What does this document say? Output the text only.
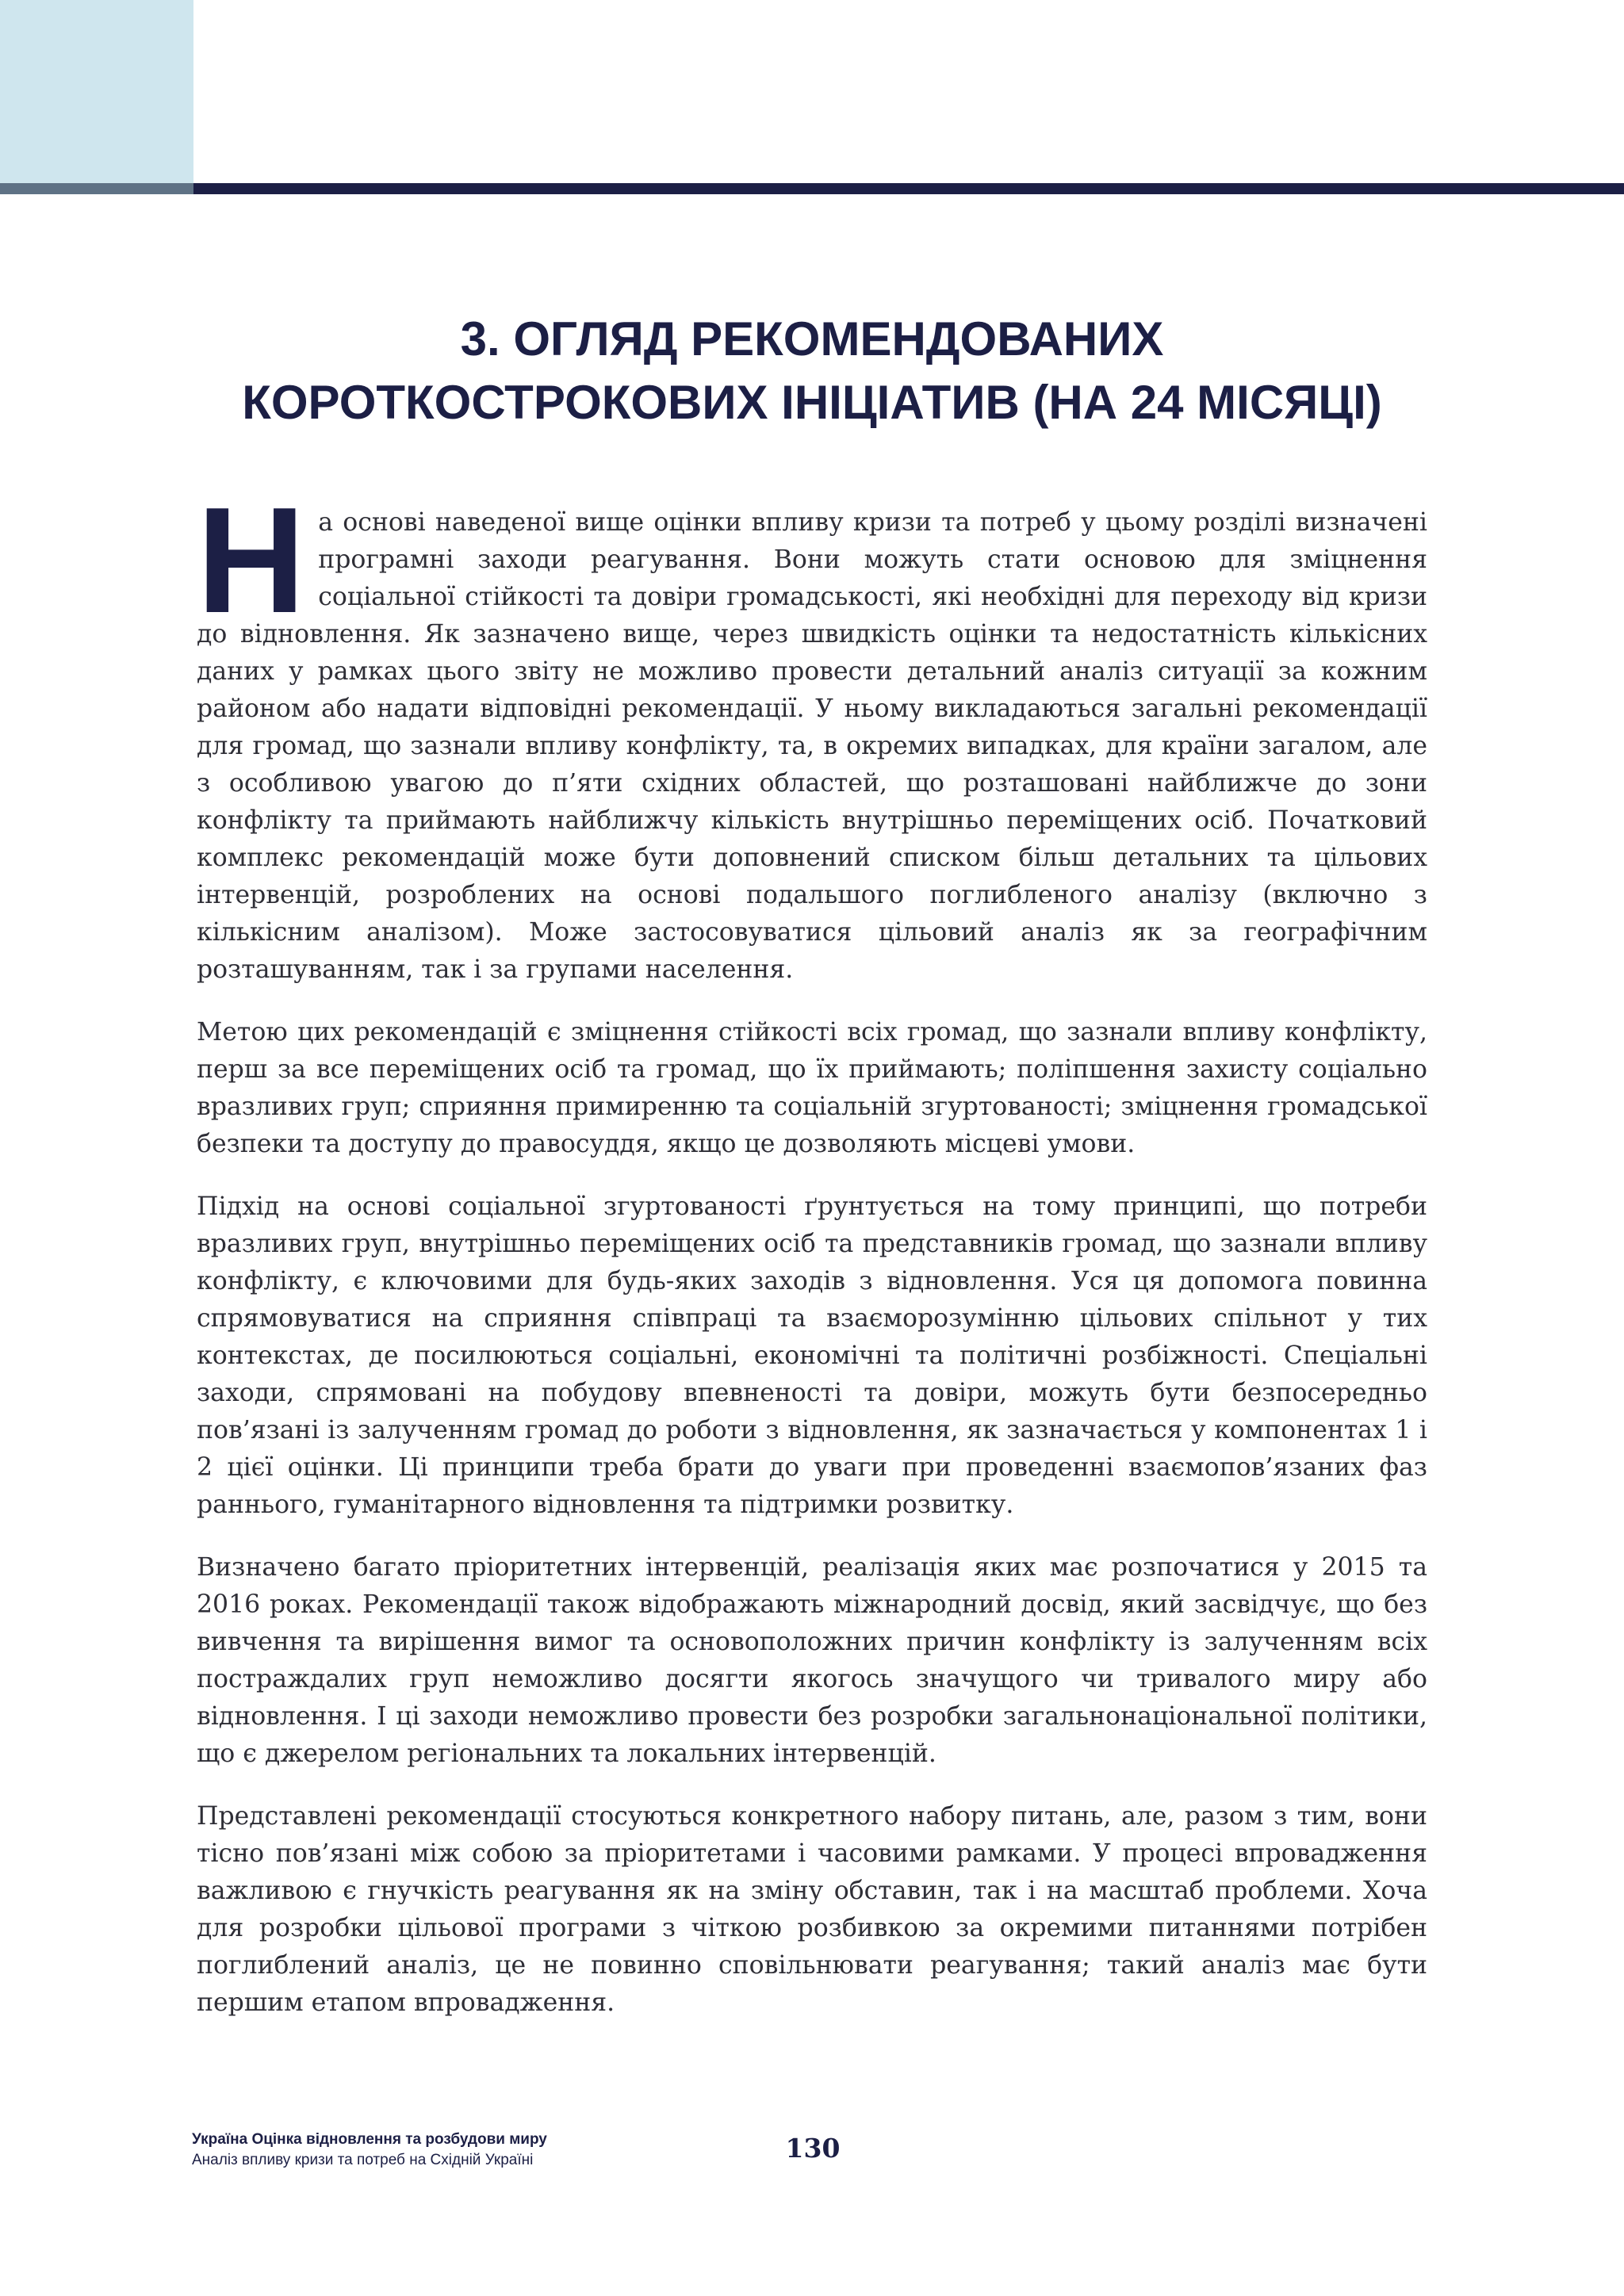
3. ОГЛЯД РЕКОМЕНДОВАНИХ
КОРОТКОСТРОКОВИХ ІНІЦІАТИВ (НА 24 МІСЯЦІ)

На основі наведеної вище оцінки впливу кризи та потреб у цьому розділі визначені програмні заходи реагування. Вони можуть стати основою для зміцнення соціальної стійкості та довіри громадськості, які необхідні для переходу від кризи до відновлення. Як зазначено вище, через швидкість оцінки та недостатність кількісних даних у рамках цього звіту не можливо провести детальний аналіз ситуації за кожним районом або надати відповідні рекомендації. У ньому викладаються загальні рекомендації для громад, що зазнали впливу конфлікту, та, в окремих випадках, для країни загалом, але з особливою увагою до п’яти східних областей, що розташовані найближче до зони конфлікту та приймають найближчу кількість внутрішньо переміщених осіб. Початковий комплекс рекомендацій може бути доповнений списком більш детальних та цільових інтервенцій, розроблених на основі подальшого поглибленого аналізу (включно з кількісним аналізом). Може застосовуватися цільовий аналіз як за географічним розташуванням, так і за групами населення.

Метою цих рекомендацій є зміцнення стійкості всіх громад, що зазнали впливу конфлікту, перш за все переміщених осіб та громад, що їх приймають; поліпшення захисту соціально вразливих груп; сприяння примиренню та соціальній згуртованості; зміцнення громадської безпеки та доступу до правосуддя, якщо це дозволяють місцеві умови.

Підхід на основі соціальної згуртованості ґрунтується на тому принципі, що потреби вразливих груп, внутрішньо переміщених осіб та представників громад, що зазнали впливу конфлікту, є ключовими для будь-яких заходів з відновлення. Уся ця допомога повинна спрямовуватися на сприяння співпраці та взаєморозумінню цільових спільнот у тих контекстах, де посилюються соціальні, економічні та політичні розбіжності. Спеціальні заходи, спрямовані на побудову впевненості та довіри, можуть бути безпосередньо пов’язані із залученням громад до роботи з відновлення, як зазначається у компонентах 1 і 2 цієї оцінки. Ці принципи треба брати до уваги при проведенні взаємопов’язаних фаз раннього, гуманітарного відновлення та підтримки розвитку.

Визначено багато пріоритетних інтервенцій, реалізація яких має розпочатися у 2015 та 2016 роках. Рекомендації також відображають міжнародний досвід, який засвідчує, що без вивчення та вирішення вимог та основоположних причин конфлікту із залученням всіх постраждалих груп неможливо досягти якогось значущого чи тривалого миру або відновлення. І ці заходи неможливо провести без розробки загальнонаціональної політики, що є джерелом регіональних та локальних інтервенцій.

Представлені рекомендації стосуються конкретного набору питань, але, разом з тим, вони тісно пов’язані між собою за пріоритетами і часовими рамками. У процесі впровадження важливою є гнучкість реагування як на зміну обставин, так і на масштаб проблеми. Хоча для розробки цільової програми з чіткою розбивкою за окремими питаннями потрібен поглиблений аналіз, це не повинно сповільнювати реагування; такий аналіз має бути першим етапом впровадження.

Україна Оцінка відновлення та розбудови миру
Аналіз впливу кризи та потреб на Східній Україні	130
